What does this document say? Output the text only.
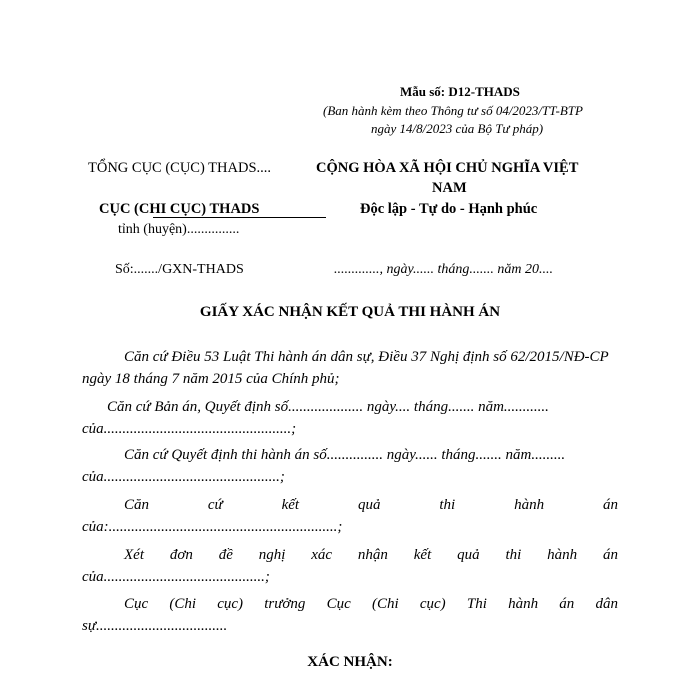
Mẫu số: D12-THADS
(Ban hành kèm theo Thông tư số 04/2023/TT-BTP
ngày 14/8/2023 của Bộ Tư pháp)
TỔNG CỤC (CỤC) THADS....
CỤC (CHI CỤC) THADS
tỉnh (huyện)...............
CỘNG HÒA XÃ HỘI CHỦ NGHĨA VIỆT
NAM
Độc lập - Tự do - Hạnh phúc
Số:......./GXN-THADS	............., ngày...... tháng....... năm 20....
GIẤY XÁC NHẬN KẾT QUẢ THI HÀNH ÁN
Căn cứ Điều 53 Luật Thi hành án dân sự, Điều 37 Nghị định số 62/2015/NĐ-CP
ngày 18 tháng 7 năm 2015 của Chính phủ;
Căn cứ Bản án, Quyết định số.................... ngày.... tháng....... năm............
của..................................................;
Căn cứ Quyết định thi hành án số............... ngày...... tháng....... năm.........
của...............................................;
Căn cứ kết quả thi hành án
của:.............................................................;
Xét đơn đề nghị xác nhận kết quả thi hành án
của...........................................;
Cục (Chi cục) trưởng Cục (Chi cục) Thi hành án dân
sự...................................
XÁC NHẬN:
